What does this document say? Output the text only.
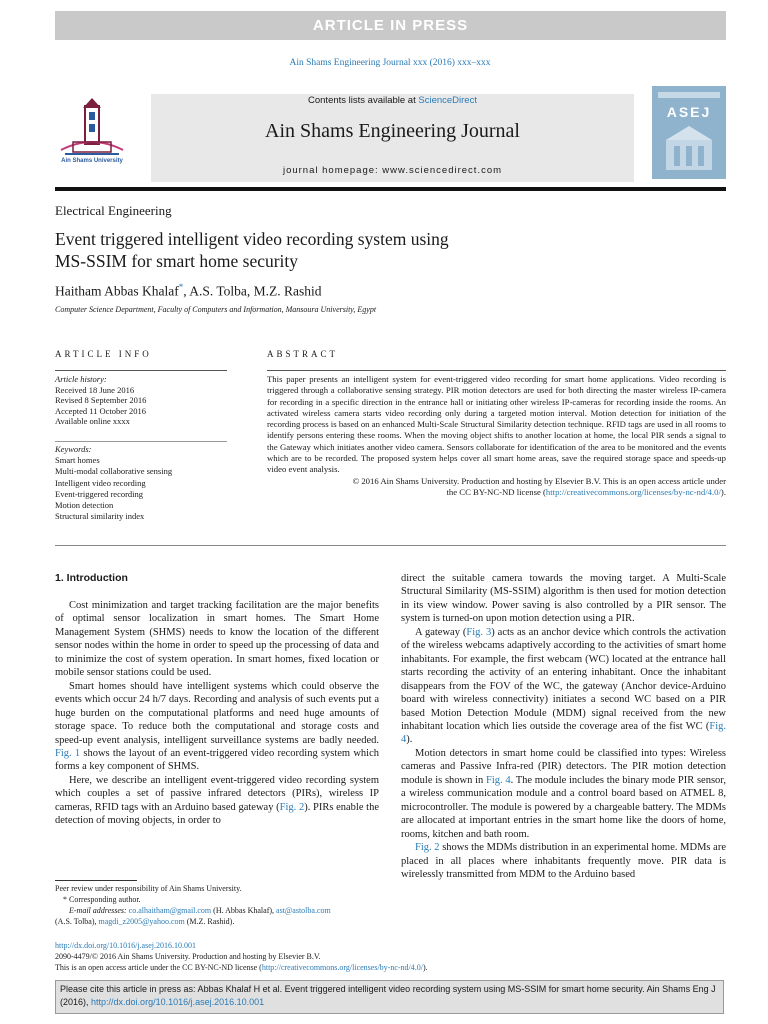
ARTICLE IN PRESS
Ain Shams Engineering Journal xxx (2016) xxx–xxx
Ain Shams University
Contents lists available at ScienceDirect
Ain Shams Engineering Journal
journal homepage: www.sciencedirect.com
ASEJ
Electrical Engineering
Event triggered intelligent video recording system using
MS-SSIM for smart home security
Haitham Abbas Khalaf*, A.S. Tolba, M.Z. Rashid
Computer Science Department, Faculty of Computers and Information, Mansoura University, Egypt
ARTICLE INFO	ABSTRACT
Article history:
Received 18 June 2016
Revised 8 September 2016
Accepted 11 October 2016
Available online xxxx
Keywords:
Smart homes
Multi-modal collaborative sensing
Intelligent video recording
Event-triggered recording
Motion detection
Structural similarity index
This paper presents an intelligent system for event-triggered video recording for smart home applications. Video recording is triggered through a collaborative sensing strategy. PIR motion detectors are used for both directing the master wireless IP-camera for recording in a specific direction in the entrance hall or initiating other wireless IP-cameras for recording inside the rooms. An activated wireless camera starts video recording only during a targeted motion interval. Motion detection for initiation of the recording process is based on an enhanced Multi-Scale Structural Similarity detection technique. RFID tags are used in all rooms to identify persons entering these rooms. When the moving object shifts to another location at home, the local PIR sends a signal to the Gateway which initiates another video camera. Sensors collaborate for identification of the area to be monitored and the events which are to be recorded. The proposed system helps cover all smart home areas, save the required storage space and speeds-up video event analysis.
© 2016 Ain Shams University. Production and hosting by Elsevier B.V. This is an open access article under
the CC BY-NC-ND license (http://creativecommons.org/licenses/by-nc-nd/4.0/).
1. Introduction

Cost minimization and target tracking facilitation are the major benefits of optimal sensor localization in smart homes. The Smart Home Management System (SHMS) needs to know the location of the different sensor nodes within the home in order to speed up the processing of data and to minimize the cost of system operation. In smart homes, fixed location or mobile sensor stations could be used.

Smart homes should have intelligent systems which could observe the events which occur 24 h/7 days. Recording and analysis of such events put a huge burden on the computational platforms and need huge amounts of storage space. To reduce both the computational and storage costs and speed-up event analysis, intelligent surveillance systems are badly needed. Fig. 1 shows the layout of an event-triggered video recording system which forms a key component of SHMS.

Here, we describe an intelligent event-triggered video recording system which couples a set of passive infrared detectors (PIRs), wireless IP cameras, RFID tags with an Arduino based gateway (Fig. 2). PIRs enable the detection of moving objects, in order to

direct the suitable camera towards the moving target. A Multi-Scale Structural Similarity (MS-SSIM) algorithm is then used for motion detection in its view window. Power saving is also controlled by a PIR sensor. The system is turned-on upon motion detection using a PIR.

A gateway (Fig. 3) acts as an anchor device which controls the activation of the wireless webcams adaptively according to the activities of smart home inhabitants. For example, the first webcam (WC) located at the entrance hall starts recording the activity of an entering inhabitant. Once the inhabitant disappears from the FOV of the WC, the gateway (Anchor device-Arduino board with wireless connectivity) initiates a second WC based on a PIR based Motion Detection Module (MDM) signal received from the new inhabitant location which lies outside the coverage area of the fist WC (Fig. 4).

Motion detectors in smart home could be classified into types: Wireless cameras and Passive Infra-red (PIR) detectors. The PIR motion detection module is shown in Fig. 4. The module includes the binary mode PIR sensor, a wireless communication module and a control board based on ATMEL 8, microcontroller. The module is powered by a chargeable battery. The MDMs are allocated at important entries in the smart home like the doors of home, rooms, kitchen and bath room.

Fig. 2 shows the MDMs distribution in an experimental home. MDMs are placed in all places where inhabitants frequently move. PIR data is wirelessly transmitted from MDM to the Arduino based

Peer review under responsibility of Ain Shams University.
* Corresponding author.
E-mail addresses: co.alhaitham@gmail.com (H. Abbas Khalaf), ast@astolba.com
(A.S. Tolba), magdi_z2005@yahoo.com (M.Z. Rashid).
http://dx.doi.org/10.1016/j.asej.2016.10.001
2090-4479/© 2016 Ain Shams University. Production and hosting by Elsevier B.V.
This is an open access article under the CC BY-NC-ND license (http://creativecommons.org/licenses/by-nc-nd/4.0/).
Please cite this article in press as: Abbas Khalaf H et al. Event triggered intelligent video recording system using MS-SSIM for smart home security. Ain Shams Eng J (2016), http://dx.doi.org/10.1016/j.asej.2016.10.001
